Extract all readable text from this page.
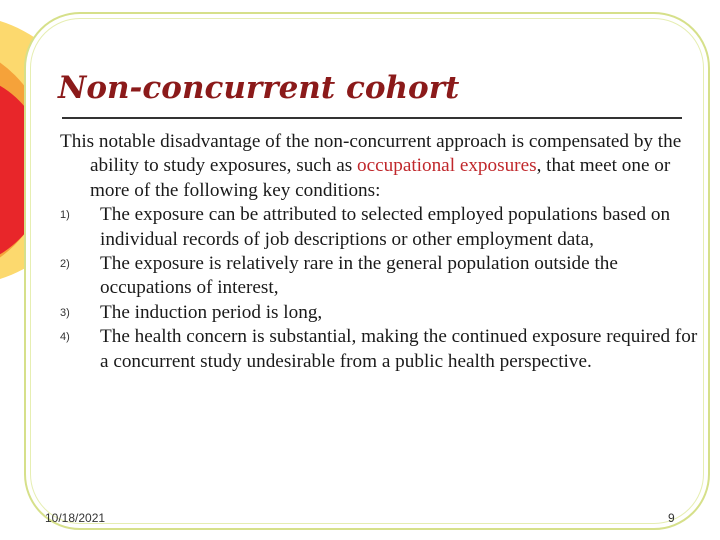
Non-concurrent cohort

This notable disadvantage of the non-concurrent approach is compensated by the ability to study exposures, such as occupational exposures, that meet one or more of the following key conditions:

1) The exposure can be attributed to selected employed populations based on individual records of job descriptions or other employment data,
2) The exposure is relatively rare in the general population outside the occupations of interest,
3) The induction period is long,
4) The health concern is substantial, making the continued exposure required for a concurrent study undesirable from a public health perspective.
10/18/2021	9
